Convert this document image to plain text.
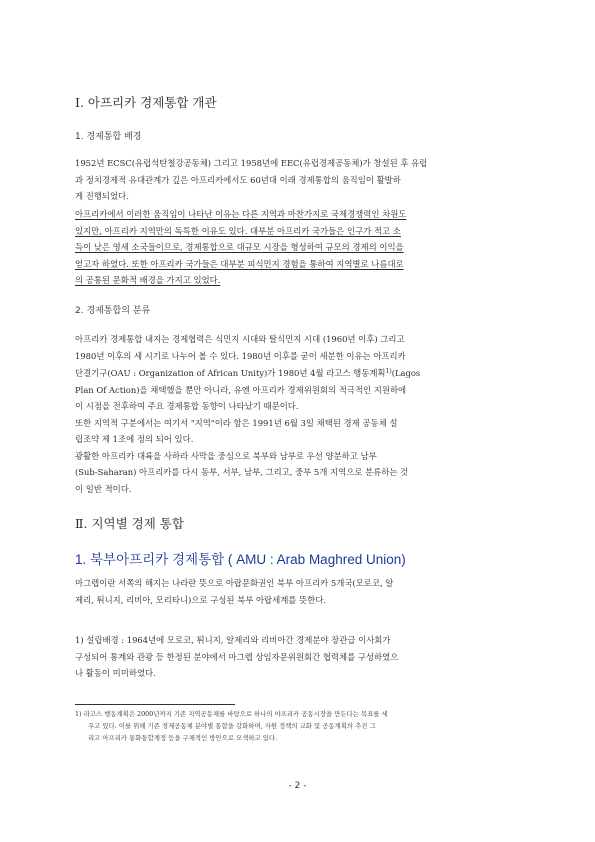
Ⅰ. 아프리카 경제통합 개관
1. 경제통합 배경
1952년 ECSC(유럽석탄철강공동체) 그리고 1958년에 EEC(유럽경제공동체)가 창설된 후 유럽
과 정치경제적 유대관계가 깊은 아프리카에서도 60년대 이래 경제통합의 움직임이 활발하
게 진행되었다.
아프리카에서 이러한 움직임이 나타난 이유는 다른 지역과 마찬가지로 국제경쟁력인 차원도
있지만, 아프리카 지역만의 독특한 이유도 있다. 대부분 아프리카 국가들은 인구가 적고 소
득이 낮은 영세 소국들이므로, 경제통합으로 대규모 시장을 형성하여 규모의 경제의 이익을
얻고자 하였다. 또한 아프리카 국가들은 대부분 피식민지 경험을 통하여 지역별로 나름대로
의 공통된 문화적 배경을 가지고 있었다.
2. 경제통합의 분류
아프리카 경제통합 내지는 경제협력은 식민지 시대와 탈식민지 시대 (1960년 이후) 그리고
1980년 이후의 세 시기로 나누어 볼 수 있다. 1980년 이후를 굳이 세분한 이유는 아프리카
단결기구(OAU : Organization of African Unity)가 1980년 4월 라고스 행동계획$^{1)}$(Lagos
Plan Of Action)을 채택했을 뿐만 아니라, 유엔 아프리카 경제위원회의 적극적인 지원하에
이 시점을 전후하여 주요 경제통합 동향이 나타났기 때문이다.
또한 지역적 구분에서는 여기서 "지역"이라 함은 1991년 6월 3일 채택된 경제 공동체 설
립조약 제 1조에 정의 되어 있다.
광활한 아프리카 대륙을 사하라 사막을 중심으로 북부와 남부로 우선 양분하고 남부
(Sub-Saharan) 아프리카를 다시 동부, 서부, 남부, 그리고, 중부 5개 지역으로 분류하는 것
이 일반 적이다.
Ⅱ. 지역별 경제 통합
1. 북부아프리카 경제통합 ( AMU : Arab Maghred Union)
마그렙이란 서쪽의 해지는 나라란 뜻으로 아랍문화권인 북부 아프리카 5개국(모로코, 알
제리, 튀니지, 리비아, 모리타니)으로 구성된 북부 아랍세계를 뜻한다.
1) 설립배경 : 1964년에 모로코, 튀니지, 알제리와 리비아간 경제분야 장관급 이사회가
구성되어 통계와 관광 등 한정된 분야에서 마그렙 상임자문위원회간 협력체를 구성하였으
나 활동이 미미하였다.
1) 라고스 행동계획은 2000년까지 기존 지역공동체를 바탕으로 하나의 아프리카 공동시장을 만든다는 목표를 세
우고 있다. 이를 위해 기존 경제공동체 분야별 통합을 강화하며, 자원 정책의 교화 및 공동계획의 추진 그
리고 아프리카 통화통합계정 등을 구체적인 방안으로 모색하고 있다.
- 2 -
